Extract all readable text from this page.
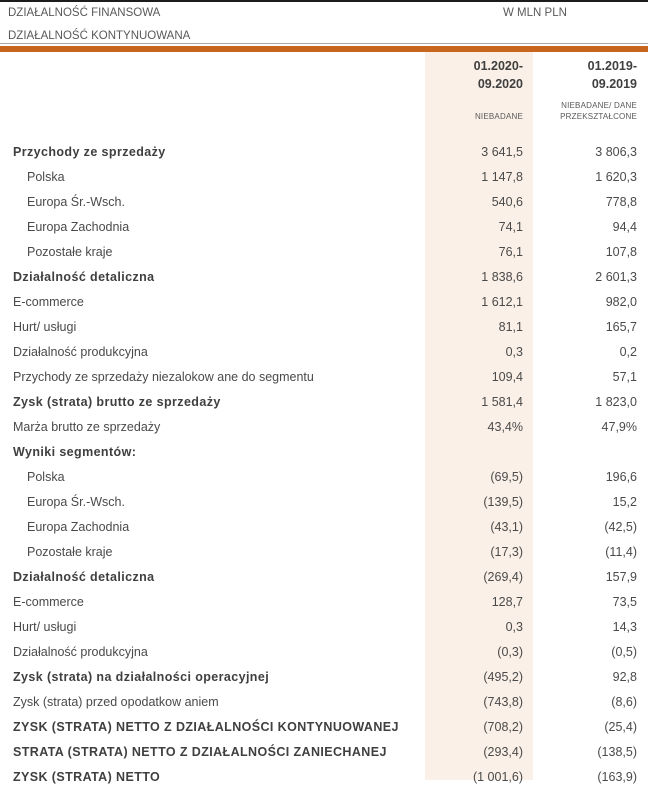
DZIAŁALNOŚĆ FINANSOWA
DZIAŁALNOŚĆ KONTYNUOWANA
W MLN PLN
01.2020-
09.2020
NIEBADANE
01.2019-
09.2019
NIEBADANE/ DANE
PRZEKSZTAŁCONE
Przychody ze sprzedaży	3 641,5	3 806,3
Polska	1 147,8	1 620,3
Europa Śr.-Wsch.	540,6	778,8
Europa Zachodnia	74,1	94,4
Pozostałe kraje	76,1	107,8
Działalność detaliczna	1 838,6	2 601,3
E-commerce	1 612,1	982,0
Hurt/ usługi	81,1	165,7
Działalność produkcyjna	0,3	0,2
Przychody ze sprzedaży niezalokow ane do segmentu	109,4	57,1
Zysk (strata) brutto ze sprzedaży	1 581,4	1 823,0
Marża brutto ze sprzedaży	43,4%	47,9%
Wyniki segmentów:
Polska	(69,5)	196,6
Europa Śr.-Wsch.	(139,5)	15,2
Europa Zachodnia	(43,1)	(42,5)
Pozostałe kraje	(17,3)	(11,4)
Działalność detaliczna	(269,4)	157,9
E-commerce	128,7	73,5
Hurt/ usługi	0,3	14,3
Działalność produkcyjna	(0,3)	(0,5)
Zysk (strata) na działalności operacyjnej	(495,2)	92,8
Zysk (strata) przed opodatkow aniem	(743,8)	(8,6)
ZYSK (STRATA) NETTO Z DZIAŁALNOŚCI KONTYNUOWANEJ	(708,2)	(25,4)
STRATA (STRATA) NETTO Z DZIAŁALNOŚCI ZANIECHANEJ	(293,4)	(138,5)
ZYSK (STRATA) NETTO	(1 001,6)	(163,9)
